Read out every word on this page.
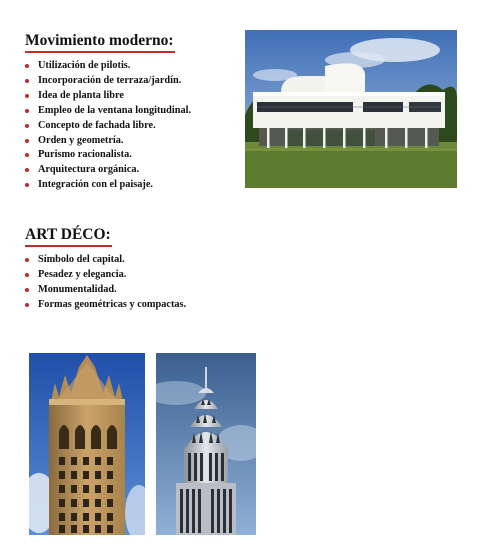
Movimiento moderno:
Utilización de pilotis.
Incorporación de terraza/jardín.
Idea de planta libre
Empleo de la ventana longitudinal.
Concepto de fachada libre.
Orden y geometría.
Purismo racionalista.
Arquitectura orgánica.
Integración con el paisaje.
ART DÉCO:
Símbolo del capital.
Pesadez y elegancia.
Monumentalidad.
Formas geométricas y compactas.
